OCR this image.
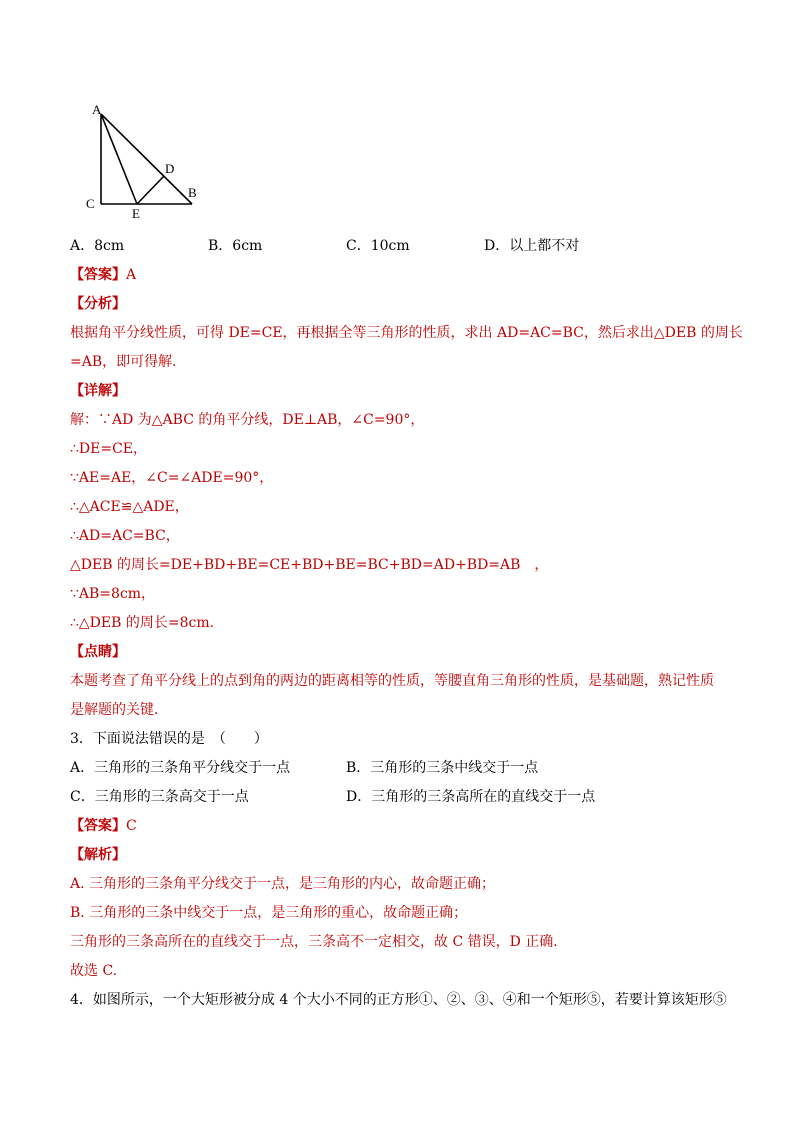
A
C
E
D
B
A．8cm	B．6cm	C．10cm	D．以上都不对
【答案】A
【分析】
根据角平分线性质，可得 DE=CE，再根据全等三角形的性质，求出 AD=AC=BC，然后求出△DEB 的周长
=AB，即可得解．
【详解】
解：∵AD 为△ABC 的角平分线，DE⊥AB，∠C=90°，
∴DE=CE，
∵AE=AE，∠C=∠ADE=90°，
∴△ACE≌△ADE，
∴AD=AC=BC，
△DEB 的周长=DE+BD+BE=CE+BD+BE=BC+BD=AD+BD=AB　，
∵AB=8cm，
∴△DEB 的周长=8cm.
【点睛】
本题考查了角平分线上的点到角的两边的距离相等的性质，等腰直角三角形的性质，是基础题，熟记性质
是解题的关键．
3．下面说法错误的是　（　　）
A．三角形的三条角平分线交于一点	B．三角形的三条中线交于一点
C．三角形的三条高交于一点	D．三角形的三条高所在的直线交于一点
【答案】C
【解析】
A. 三角形的三条角平分线交于一点，是三角形的内心，故命题正确；
B. 三角形的三条中线交于一点，是三角形的重心，故命题正确；
三角形的三条高所在的直线交于一点，三条高不一定相交，故 C 错误，D 正确．
故选 C.
4．如图所示，一个大矩形被分成 4 个大小不同的正方形①、②、③、④和一个矩形⑤，若要计算该矩形⑤
